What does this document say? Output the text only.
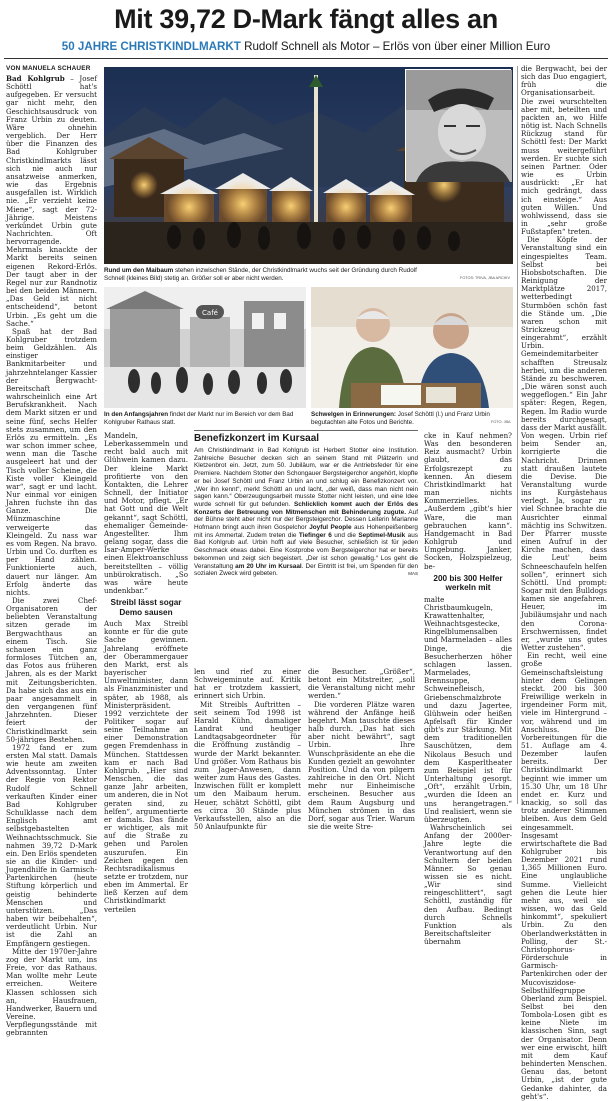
Mit 39,72 D-Mark fängt alles an
50 JAHRE CHRISTKINDLMARKT Rudolf Schnell als Motor – Erlös von über einer Million Euro
VON MANUELA SCHAUER

Bad Kohlgrub – Josef Schöttl hat's aufgegeben. Er versucht gar nicht mehr, den Geschichtsausdruck von Franz Urbin zu deuten. Wäre ohnehin vergeblich. Der Herr über die Finanzen des Bad Kohlgruber Christkindlmarkts lässt sich nie auch nur ansatzweise anmerken, wie das Ergebnis ausgefallen ist. Wirklich nie. „Er verzieht keine Miene“, sagt der 72-Jährige. Meistens verkündet Urbin gute Nachrichten. Oft hervorragende. Mehrmals knackte der Markt bereits seinen eigenen Rekord-Erlös. Der taugt aber in der Regel nur zur Randnotiz bei den beiden Männern. „Das Geld ist nicht entscheidend“, betont Urbin. „Es geht um die Sache.“

Spaß hat der Bad Kohlgruber trotzdem beim Geldzählen. Als einstiger Bankmitarbeiter und jahrzehntelanger Kassier der Bergwacht-Bereitschaft wahrscheinlich eine Art Berufskrankheit. Nach dem Markt sitzen er und seine fünf, sechs Helfer stets zusammen, um den Erlös zu ermitteln. „Es war schon immer schee, wenn man die Tasche ausgeleert hat und der Tisch voller Scheine, die Kiste voller Kleingeld war“, sagt er und lacht. Nur einmal vor einigen Jahren fuchste ihn das Ganze. Die Münzmaschine verweigerte das Kleingeld. Zu nass war es vom Regen. Na bravo. Urbin und Co. durften es per Hand zählen. Funktionierte auch, dauert nur länger. Am Erfolg änderte das nichts.

Die zwei Chef-Organisatoren der beliebten Veranstaltung sitzen gerade im Bergwachthaus an einem Tisch. Sie schauen ein ganz formloses Tütchen an, das Fotos aus früheren Jahren, als es der Markt mit Zeitungsberichten. Da habe sich das aus ein paar angesammelt in den vergangenen fünf Jahrzehnten. Dieser feiert der Christkindlmarkt sein 50-jähriges Bestehen.

1972 fand er zum ersten Mal statt. Damals wie heute am zweiten Adventssonntag. Unter der Regie von Rektor Rudolf Schnell verkauften Kinder einer Bad Kohlgruber Schulklasse nach dem Englisch amt selbstgebastelten Weihnachtsschmuck. Sie nahmen 39,72 D-Mark ein. Den Erlös spendeten sie an die Kinder- und Jugendhilfe in Garmisch-Partenkirchen (heute Stiftung körperlich und geistig behinderte Menschen und unterstützen. „Das haben wir beibehalten“, verdeutlicht Urbin. Nur ist die Zahl an Empfängern gestiegen.

Mitte der 1970er-Jahre zog der Markt um, ins Freie, vor das Rathaus. Man wollte mehr Leute erreichen. Weitere Klassen schlossen sich an, Hausfrauen, Handwerker, Bauern und Vereine. Verpflegungsstände mit gebrannten

Rund um den Maibaum stehen inzwischen Stände, der Christkindlmarkt wuchs seit der Gründung durch Rudolf Schnell (kleines Bild) stetig an. Größer soll er aber nicht werden.	FOTOS: TRIVA, JBA ARCHIV
Café
In den Anfangsjahren findet der Markt nur im Bereich vor dem Bad Kohlgruber Rathaus statt.
Schwelgen in Erinnerungen: Josef Schöttl (l.) und Franz Urbin begutachten alte Fotos und Berichte.	FOTO: JBA

Mandeln, Leberkassemmeln und recht bald auch mit Glühwein kamen dazu. Der kleine Markt profitierte von den Kontakten, die Lehrer Schnell, der Initiator und Motor, pflegt. „Er hat Gott und die Welt gekannt“, sagt Schöttl, ehemaliger Gemeinde-Angestellter. Ihm gelang sogar, dass die Isar-Amper-Werke einen Elektroanschluss bereitstellten – völlig unbürokratisch. „So was wäre heute undenkbar.“

Streibl lässt sogar Demo sausen

Auch Max Streibl konnte er für die gute Sache gewinnen. Jahrelang eröffnete der Oberammergauer den Markt, erst als bayerischer Umweltminister, dann als Finanzminister und später, ab 1988, als Ministerpräsident. 1992 verzichtete der Politiker sogar auf seine Teilnahme an einer Demonstration gegen Fremdenhass in München. Stattdessen kam er nach Bad Kohlgrub. „Hier sind Menschen, die das ganze Jahr arbeiten, um anderen, die in Not geraten sind, zu helfen“, argumentierte er damals. Das fände er wichtiger, als mit auf die Straße zu gehen und Parolen auszurufen. Ein Zeichen gegen den Rechtsradikalismus setzte er trotzdem, nur eben im Ammertal. Er ließ Kerzen auf dem Christkindlmarkt verteilen

Benefizkonzert im Kursaal
Am Christkindlmarkt in Bad Kohlgrub ist Herbert Stotter eine Institution. Zahlreiche Besucher decken sich an seinem Stand mit Plätzerln und Kletzenbrot ein. Jetzt, zum 50. Jubiläum, war er die Antriebsfeder für eine Premiere. Nachdem Stotter den Schongauer Bergsteigerchor angehört, klopfte er bei Josef Schöttl und Franz Urbin an und schlug ein Benefizkonzert vor. „Wer ihn kennt“, merkt Schöttl an und lacht, „der weiß, dass man nicht nein sagen kann.“ Oberzeugungsarbeit musste Stotter nicht leisten, und eine Idee wurde schnell für gut befunden. Schlicklich kommt auch der Erlös des Konzerts der Betreuung von Mitmenschen mit Behinderung zugute. Auf der Bühne steht aber nicht nur der Bergsteigerchor. Dessen Leiterin Marianne Hofmann bringt auch ihren Gospelchor Joyful People aus Hohenpeißenberg mit ins Ammertal. Zudem treten die Tiefinger 6 und die Septimel-Musik aus Bad Kohlgrub auf. Urbin hofft auf viele Besucher, schließlich ist für jeden Geschmack etwas dabei. Eine Kostprobe vom Bergsteigerchor hat er bereits bekommen und zeigt sich begeistert. „Der ist schon gewaltig.“ Los geht die Veranstaltung am 20 Uhr im Kursaal. Der Eintritt ist frei, um Spenden für den sozialen Zweck wird gebeten.	MAS

len und rief zu einer Schweigeminute auf. Kritik hat er trotzdem kassiert, erinnert sich Urbin.

Mit Streibls Auftritten – seit seinem Tod 1998 ist Harald Kühn, damaliger Landrat und heutiger Landtagsabgeordneter für die Eröffnung zuständig – wurde der Markt bekannter. Und größer. Vom Rathaus bis zum Jager-Anwesen, dann weiter zum Haus des Gastes. Inzwischen füllt er komplett um den Maibaum herum. Heuer, schätzt Schöttl, gibt es circa 30 Stände plus Verkaufsstellen, also an die 50 Anlaufpunkte für

die Besucher. „Größer“, betont ein Mitstreiter, „soll die Veranstaltung nicht mehr werden.“

Die vorderen Plätze waren während der Anfänge heiß begehrt. Man tauschte dieses halb durch. „Das hat sich aber nicht bewährt“, sagt Urbin. Ihre Wunschpräsidente an ehe die Kunden gezielt an gewohnter Position. Und da von pilgern zahlreiche in den Ort. Nicht mehr nur Einheimische erscheinen. Besucher aus dem Raum Augsburg und München strömen in das Dorf, sogar aus Trier. Warum sie die weite Stre-

cke in Kauf nehmen? Was den besonderen Reiz ausmacht? Urbin glaubt, das Erfolgsrezept zu kennen. An diesem Christkindlmarkt hat man nichts Kommerzielles. „Außerdem „gibt's hier Ware, die man gebrauchen kann“. Handgemacht in Bad Kohlgrub und Umgebung. Janker, Socken, Holzspielzeug, be-

200 bis 300 Helfer werkeln mit

malte Christbaumkugeln, Krawattenhalter, Weihnachtsgestecke, Ringelblumensalben und Marmeladen – alles Dinge, die Besucherherzen höher schlagen lassen. Marmelades, Brennsuppe, Schweinefleisch, Griebenschmalzbrote und dazu Jagertee, Glühwein oder heißen Apfelsaft für Kinder gibt's zur Stärkung. Mit dem traditionellen Sauschützen, dem Nikolaus Besuch und dem Kasperltheater zum Beispiel ist für Unterhaltung gesorgt. „Oft“, erzählt Urbin, „wurden die Ideen an uns herangetragen.“ Und realisiert, wenn sie überzeugten.

Wahrscheinlich sei Anfang der 2000er-Jahre legte die Verantwortung auf den Schultern der beiden Männer. So genau wissen sie es nicht. „Wir sind reingeschlittert“, sagt Schöttl, zuständig für den Aufbau. Bedingt durch Schnells Funktion als Bereitschaftsleiter übernahm

die Bergwacht, bei der sich das Duo engagiert, früh die Organisationsarbeit. Die zwei wurschtelten aber mit, beteilten und packten an, wo Hilfe nötig ist. Nach Schnells Rückzug stand für Schöttl fest: Der Markt muss weitergeführt werden. Er suchte sich seinen Partner. Oder wie es Urbin ausdrückt: „Er hat mich gedrängt, dass ich einsteige.“ Aus guten Willen. Und wohlwissend, dass sie in „sehr große Fußstapfen“ treten.

Die Köpfe der Veranstaltung sind ein eingespieltes Team. Selbst bei Hiobsbotschaften. Die Reinigung der Marktplätze 2017, wetterbedingt Sturmböen schön fast die Stände um. „Die waren schon mit Strickzeug eingerahmt“, erzählt Urbin. Gemeindemitarbeiter schafften Streusalz herbei, um die anderen Stände zu beschweren. „Die wären sonst auch weggeflogen.“ Ein Jahr später: Regen, Regen, Regen. Im Radio wurde bereits durchgesagt, dass der Markt ausfällt. Von wegen. Urbin rief beim Sender an, korrigierte die Nachricht. Drinnen statt draußen lautete die Devise. Die Veranstaltung wurde ins Kurgästehaus verlegt. Ja, sogar zu viel Schnee brachte die Ausrichter einmal mächtig ins Schwitzen. Der Pfarrer musste einen Aufruf in der Kirche machen, dass die Leut' beim Schneeschaufeln helfen sollen“, erinnert sich Schöttl. Und prompt: Sogar mit den Bulldogs kamen sie angefahren. Heuer, im Jubiläumsjahr und nach den Corona-Erschwernissen, findet er, „wurde uns gutes Wetter zustehen“.

Ein recht, weil eine große Gemeinschaftsleistung hinter dem Gelingen steckt. 200 bis 300 Freiwillige werkeln in irgendeiner Form mit, viele im Hintergrund – vor, während und im Anschluss. Die Vorbereitungen für die 51. Auflage am 4. Dezember laufen bereits. Der Christkindlmarkt beginnt wie immer um 15.30 Uhr, um 18 Uhr endet er. Kurz und knackig, so soll das trotz anderer Stimmen bleiben. Aus dem Geld eingesammelt. Insgesamt erwirtschaftete die Bad Kohlgruber bis Dezember 2021 rund 1,365 Millionen Euro. Eine unglaubliche Summe. Vielleicht gehen die Leute hier mehr aus, weil sie wissen, wo das Geld hinkommt“, spekuliert Urbin. Zu den Oberlandwerkstätten in Polling, der St.-Christophorus-Förderschule in Garmisch-Partenkirchen oder der Mucoviszidose-Selbsthilfegruppe Oberland zum Beispiel. Selbst bei den Tombola-Losen gibt es keine Niete im klassischen Sinn, sagt der Organisator. Denn wer eine erwischt, hilft mit dem Kauf behinderten Menschen. Genau das, betont Urbin, „ist der gute Gedanke dahinter, da geht's“.
